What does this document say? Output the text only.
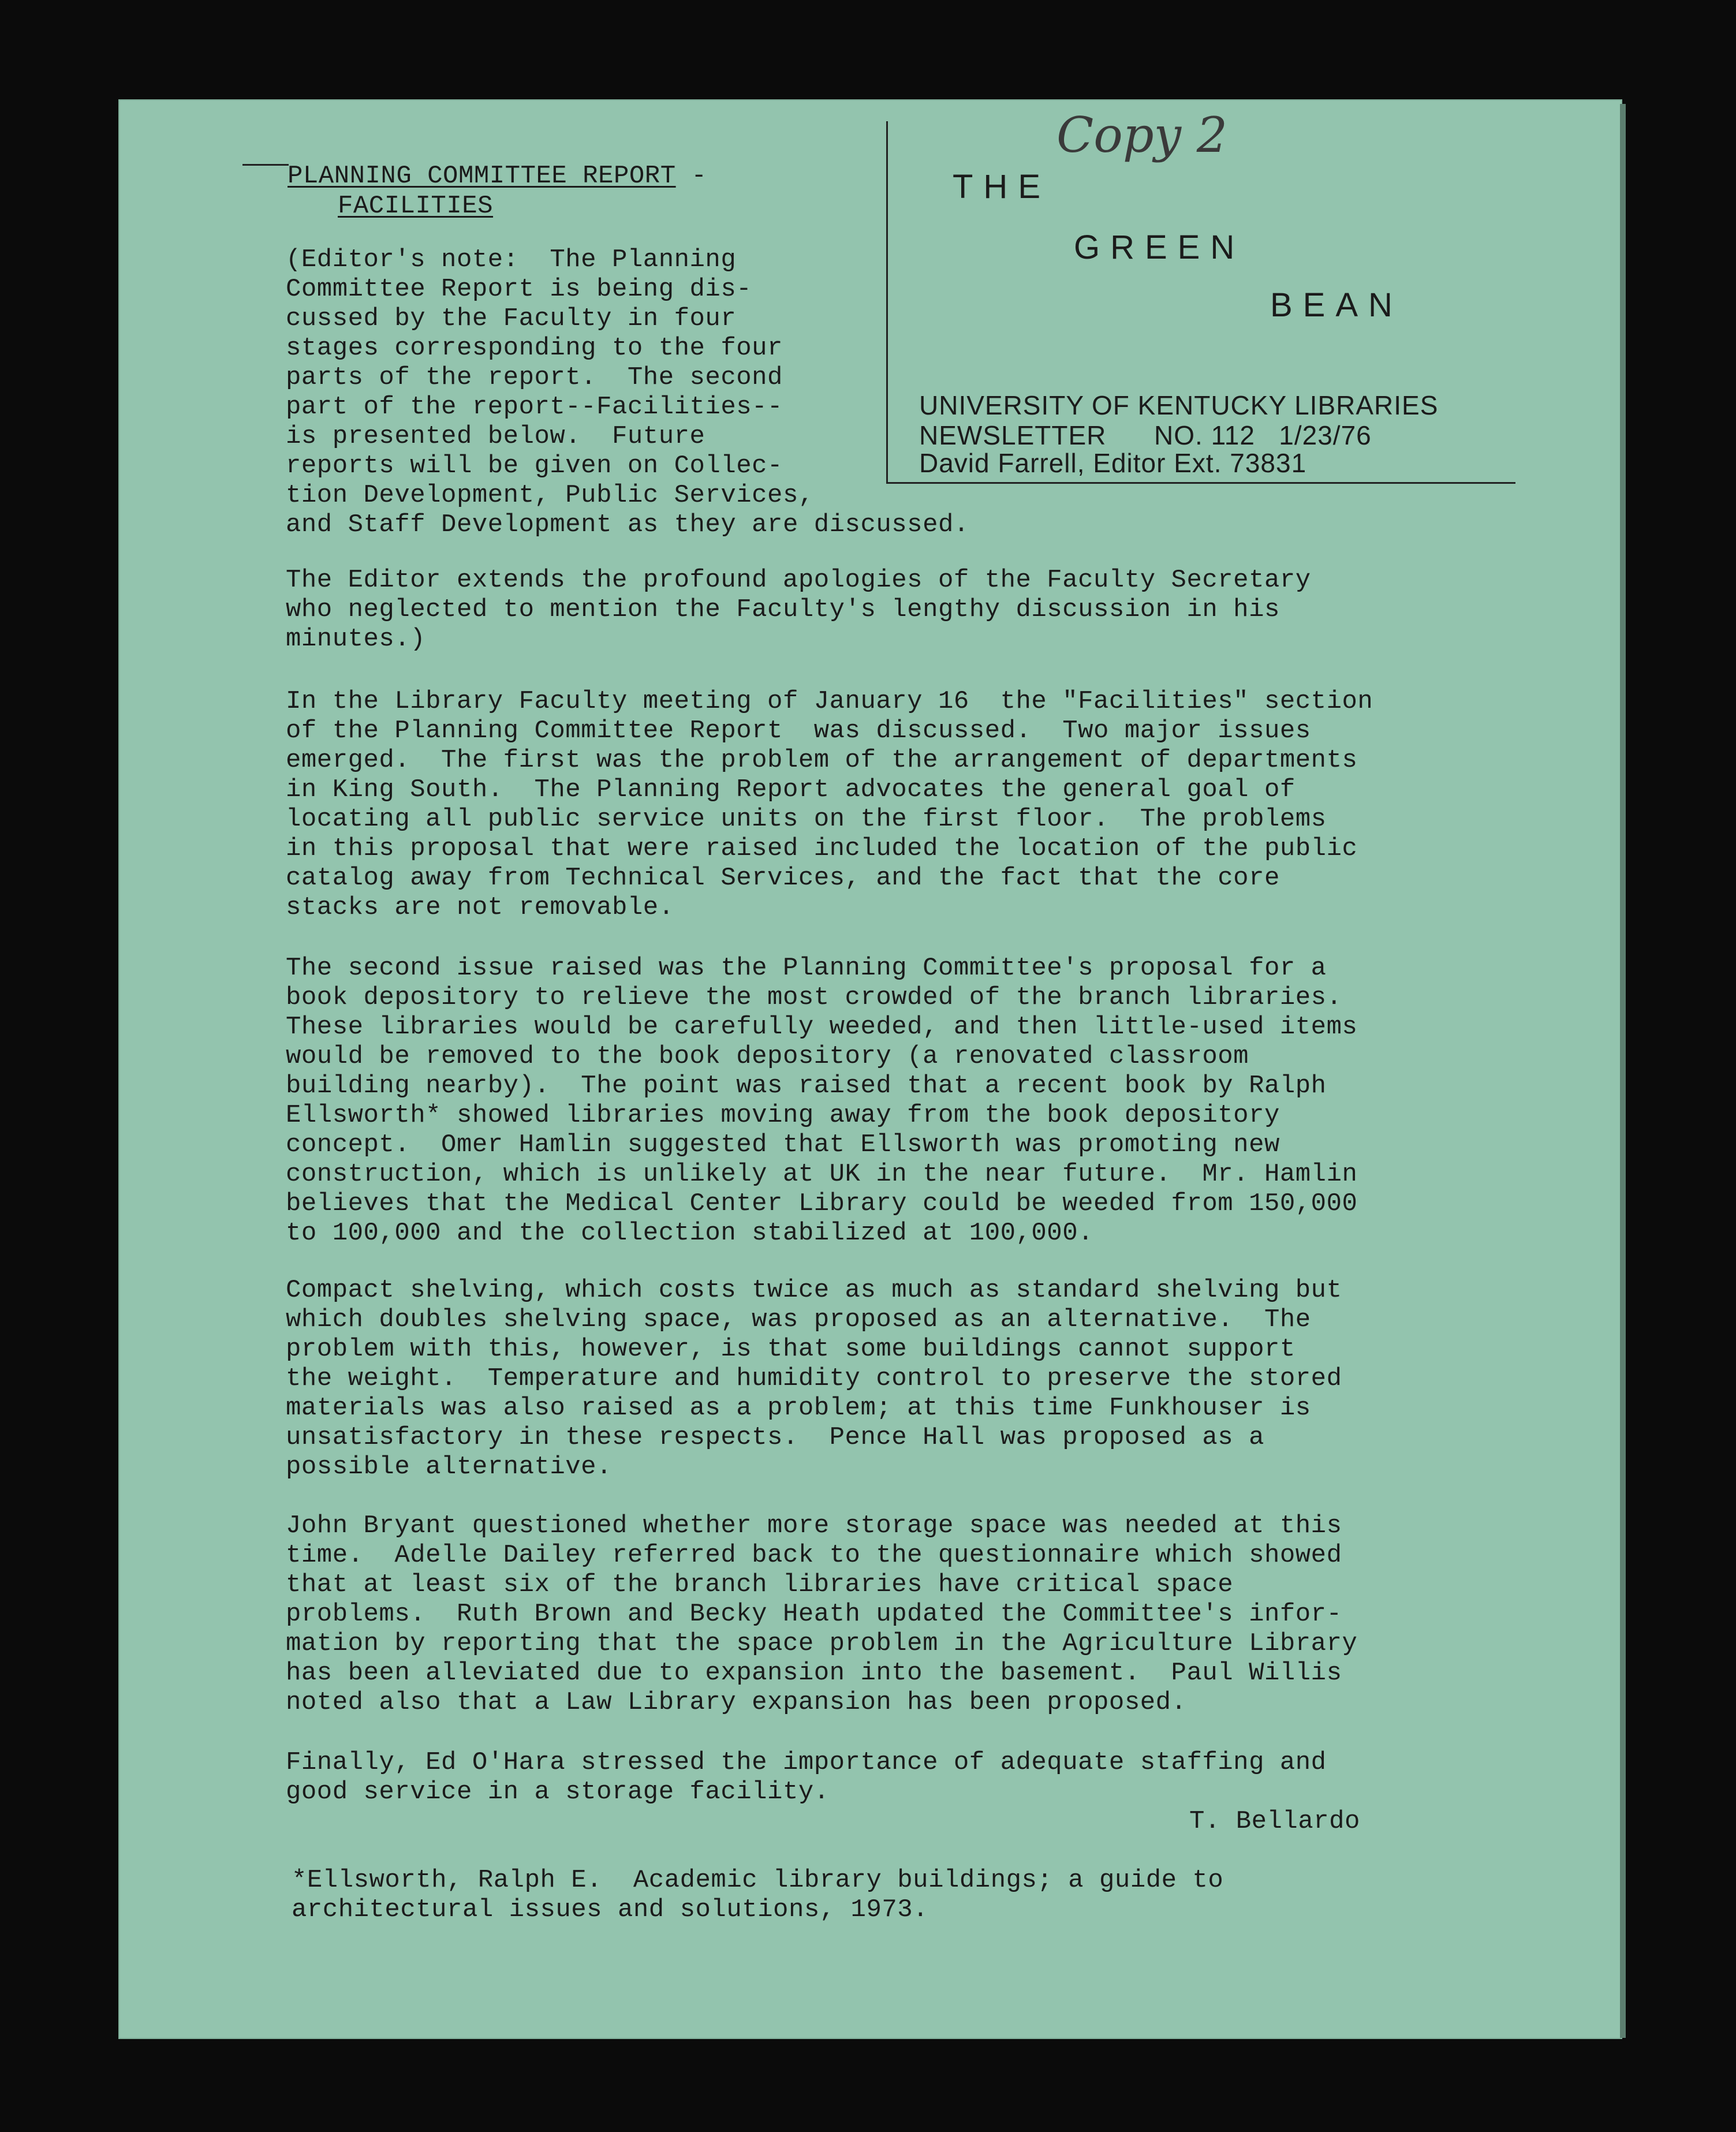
Copy 2

THE

GREEN

BEAN

UNIVERSITY OF KENTUCKY LIBRARIES

NEWSLETTER      NO. 112   1/23/76

David Farrell, Editor Ext. 73831

PLANNING COMMITTEE REPORT -

FACILITIES

(Editor's note:  The Planning
Committee Report is being dis-
cussed by the Faculty in four
stages corresponding to the four
parts of the report.  The second
part of the report--Facilities--
is presented below.  Future
reports will be given on Collec-
tion Development, Public Services,
and Staff Development as they are discussed.

The Editor extends the profound apologies of the Faculty Secretary
who neglected to mention the Faculty's lengthy discussion in his
minutes.)

In the Library Faculty meeting of January 16  the "Facilities" section
of the Planning Committee Report  was discussed.  Two major issues
emerged.  The first was the problem of the arrangement of departments
in King South.  The Planning Report advocates the general goal of
locating all public service units on the first floor.  The problems
in this proposal that were raised included the location of the public
catalog away from Technical Services, and the fact that the core
stacks are not removable.

The second issue raised was the Planning Committee's proposal for a
book depository to relieve the most crowded of the branch libraries.
These libraries would be carefully weeded, and then little-used items
would be removed to the book depository (a renovated classroom
building nearby).  The point was raised that a recent book by Ralph
Ellsworth* showed libraries moving away from the book depository
concept.  Omer Hamlin suggested that Ellsworth was promoting new
construction, which is unlikely at UK in the near future.  Mr. Hamlin
believes that the Medical Center Library could be weeded from 150,000
to 100,000 and the collection stabilized at 100,000.

Compact shelving, which costs twice as much as standard shelving but
which doubles shelving space, was proposed as an alternative.  The
problem with this, however, is that some buildings cannot support
the weight.  Temperature and humidity control to preserve the stored
materials was also raised as a problem; at this time Funkhouser is
unsatisfactory in these respects.  Pence Hall was proposed as a
possible alternative.

John Bryant questioned whether more storage space was needed at this
time.  Adelle Dailey referred back to the questionnaire which showed
that at least six of the branch libraries have critical space
problems.  Ruth Brown and Becky Heath updated the Committee's infor-
mation by reporting that the space problem in the Agriculture Library
has been alleviated due to expansion into the basement.  Paul Willis
noted also that a Law Library expansion has been proposed.

Finally, Ed O'Hara stressed the importance of adequate staffing and
good service in a storage facility.

T. Bellardo

*Ellsworth, Ralph E.  Academic library buildings; a guide to
architectural issues and solutions, 1973.
